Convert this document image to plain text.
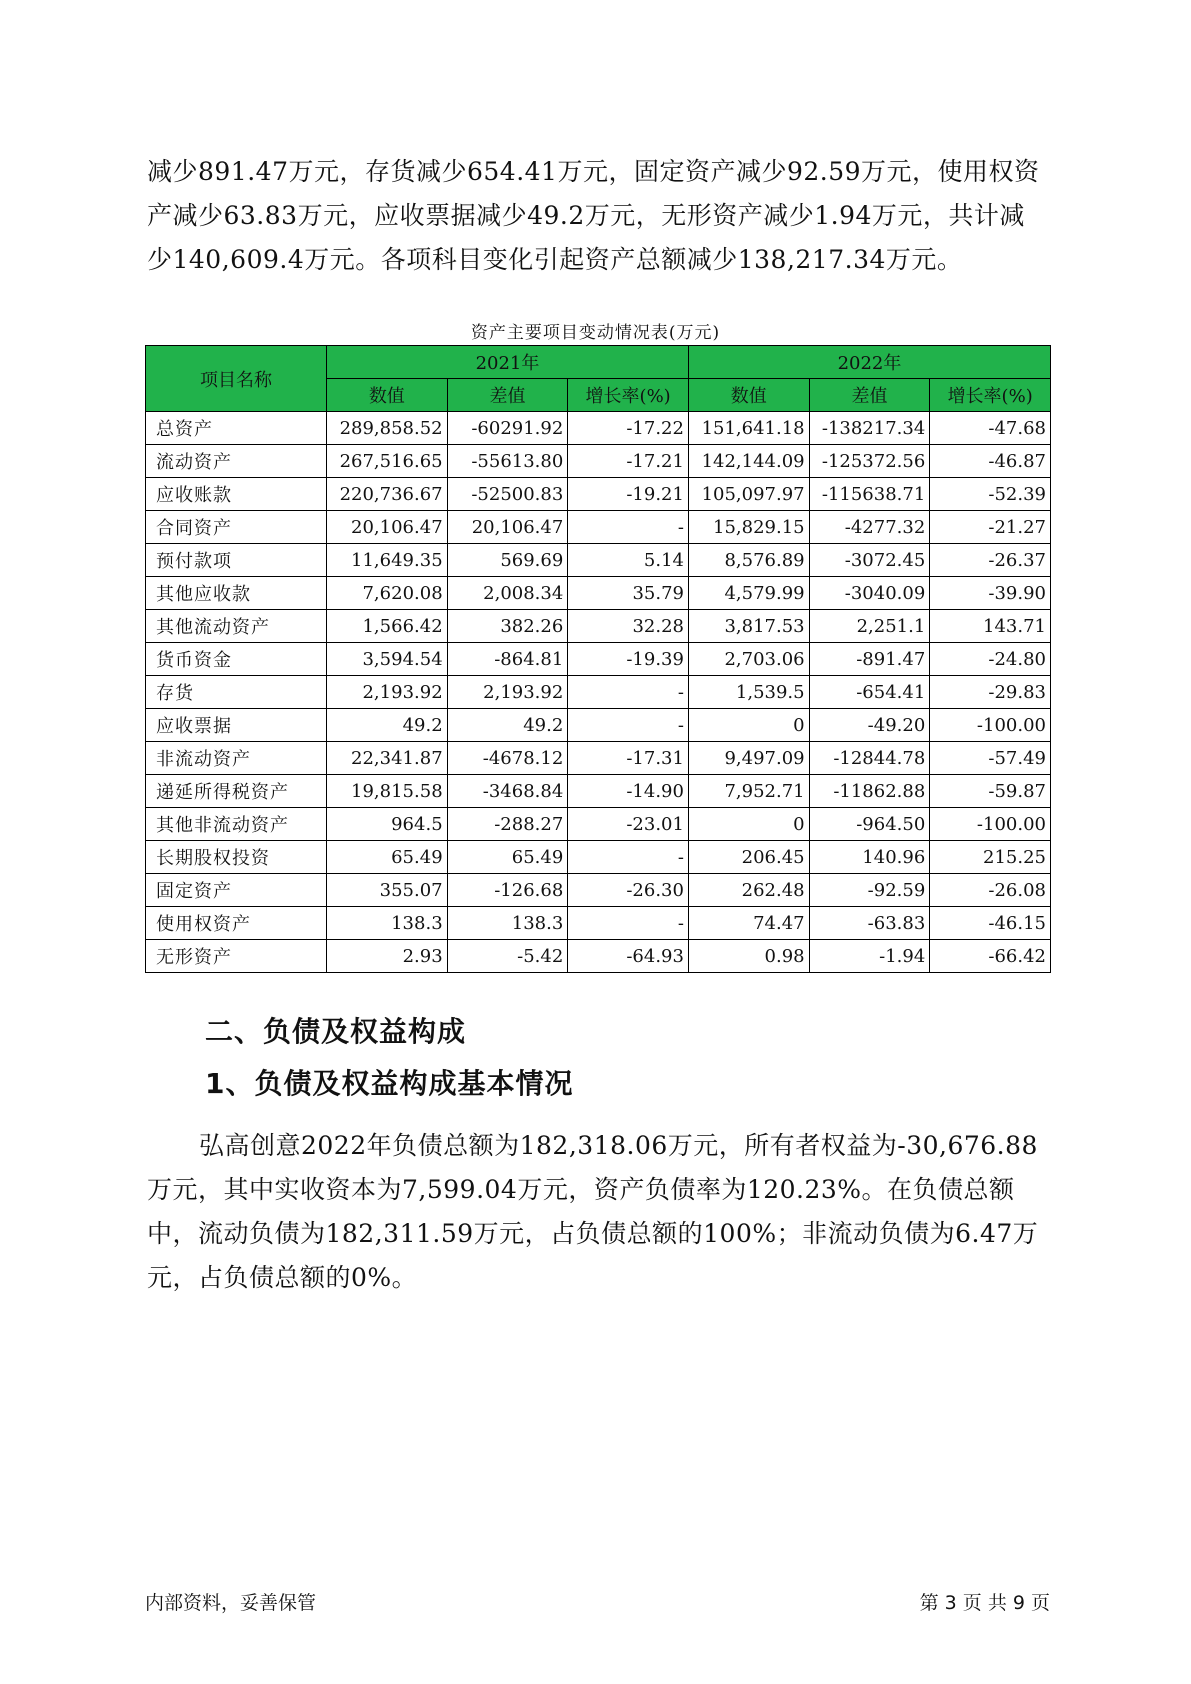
减少891.47万元，存货减少654.41万元，固定资产减少92.59万元，使用权资产减少63.83万元，应收票据减少49.2万元，无形资产减少1.94万元，共计减少140,609.4万元。各项科目变化引起资产总额减少138,217.34万元。

资产主要项目变动情况表(万元)
项目名称	2021年			2022年		
	数值	差值	增长率(%)	数值	差值	增长率(%)
总资产	289,858.52	-60291.92	-17.22	151,641.18	-138217.34	-47.68
流动资产	267,516.65	-55613.80	-17.21	142,144.09	-125372.56	-46.87
应收账款	220,736.67	-52500.83	-19.21	105,097.97	-115638.71	-52.39
合同资产	20,106.47	20,106.47	-	15,829.15	-4277.32	-21.27
预付款项	11,649.35	569.69	5.14	8,576.89	-3072.45	-26.37
其他应收款	7,620.08	2,008.34	35.79	4,579.99	-3040.09	-39.90
其他流动资产	1,566.42	382.26	32.28	3,817.53	2,251.1	143.71
货币资金	3,594.54	-864.81	-19.39	2,703.06	-891.47	-24.80
存货	2,193.92	2,193.92	-	1,539.5	-654.41	-29.83
应收票据	49.2	49.2	-	0	-49.20	-100.00
非流动资产	22,341.87	-4678.12	-17.31	9,497.09	-12844.78	-57.49
递延所得税资产	19,815.58	-3468.84	-14.90	7,952.71	-11862.88	-59.87
其他非流动资产	964.5	-288.27	-23.01	0	-964.50	-100.00
长期股权投资	65.49	65.49	-	206.45	140.96	215.25
固定资产	355.07	-126.68	-26.30	262.48	-92.59	-26.08
使用权资产	138.3	138.3	-	74.47	-63.83	-46.15
无形资产	2.93	-5.42	-64.93	0.98	-1.94	-66.42
二、负债及权益构成
1、负债及权益构成基本情况

弘高创意2022年负债总额为182,318.06万元，所有者权益为-30,676.88万元，其中实收资本为7,599.04万元，资产负债率为120.23%。在负债总额中，流动负债为182,311.59万元，占负债总额的100%；非流动负债为6.47万元，占负债总额的0%。

内部资料，妥善保管	第 3 页 共 9 页
